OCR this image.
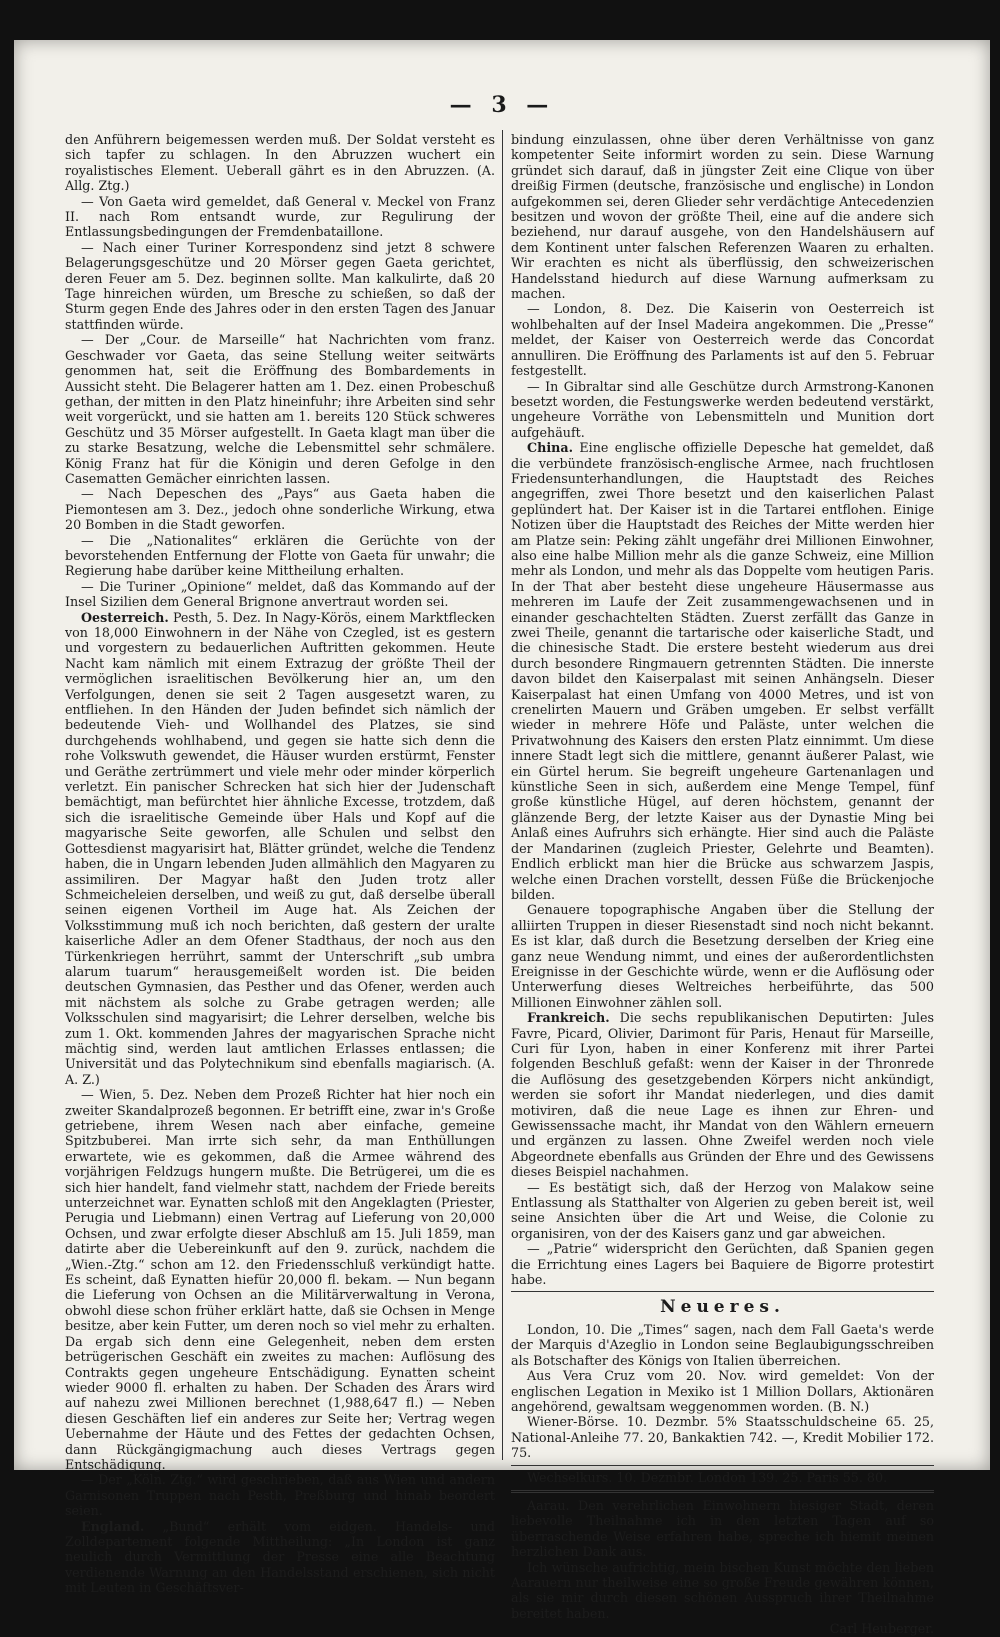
— 3 —

den Anführern beigemessen werden muß. Der Soldat versteht es sich tapfer zu schlagen. In den Abruzzen wuchert ein royalistisches Element. Ueberall gährt es in den Abruzzen. (A. Allg. Ztg.)

— Von Gaeta wird gemeldet, daß General v. Meckel von Franz II. nach Rom entsandt wurde, zur Regulirung der Entlassungsbedingungen der Fremdenbataillone.

— Nach einer Turiner Korrespondenz sind jetzt 8 schwere Belagerungsgeschütze und 20 Mörser gegen Gaeta gerichtet, deren Feuer am 5. Dez. beginnen sollte. Man kalkulirte, daß 20 Tage hinreichen würden, um Bresche zu schießen, so daß der Sturm gegen Ende des Jahres oder in den ersten Tagen des Januar stattfinden würde.

— Der „Cour. de Marseille“ hat Nachrichten vom franz. Geschwader vor Gaeta, das seine Stellung weiter seitwärts genommen hat, seit die Eröffnung des Bombardements in Aussicht steht. Die Belagerer hatten am 1. Dez. einen Probeschuß gethan, der mitten in den Platz hineinfuhr; ihre Arbeiten sind sehr weit vorgerückt, und sie hatten am 1. bereits 120 Stück schweres Geschütz und 35 Mörser aufgestellt. In Gaeta klagt man über die zu starke Besatzung, welche die Lebensmittel sehr schmälere. König Franz hat für die Königin und deren Gefolge in den Casematten Gemächer einrichten lassen.

— Nach Depeschen des „Pays“ aus Gaeta haben die Piemontesen am 3. Dez., jedoch ohne sonderliche Wirkung, etwa 20 Bomben in die Stadt geworfen.

— Die „Nationalites“ erklären die Gerüchte von der bevorstehenden Entfernung der Flotte von Gaeta für unwahr; die Regierung habe darüber keine Mittheilung erhalten.

— Die Turiner „Opinione“ meldet, daß das Kommando auf der Insel Sizilien dem General Brignone anvertraut worden sei.

Oesterreich. Pesth, 5. Dez. In Nagy-Körös, einem Marktflecken von 18,000 Einwohnern in der Nähe von Czegled, ist es gestern und vorgestern zu bedauerlichen Auftritten gekommen. Heute Nacht kam nämlich mit einem Extrazug der größte Theil der vermöglichen israelitischen Bevölkerung hier an, um den Verfolgungen, denen sie seit 2 Tagen ausgesetzt waren, zu entfliehen. In den Händen der Juden befindet sich nämlich der bedeutende Vieh- und Wollhandel des Platzes, sie sind durchgehends wohlhabend, und gegen sie hatte sich denn die rohe Volkswuth gewendet, die Häuser wurden erstürmt, Fenster und Geräthe zertrümmert und viele mehr oder minder körperlich verletzt. Ein panischer Schrecken hat sich hier der Judenschaft bemächtigt, man befürchtet hier ähnliche Excesse, trotzdem, daß sich die israelitische Gemeinde über Hals und Kopf auf die magyarische Seite geworfen, alle Schulen und selbst den Gottesdienst magyarisirt hat, Blätter gründet, welche die Tendenz haben, die in Ungarn lebenden Juden allmählich den Magyaren zu assimiliren. Der Magyar haßt den Juden trotz aller Schmeicheleien derselben, und weiß zu gut, daß derselbe überall seinen eigenen Vortheil im Auge hat. Als Zeichen der Volksstimmung muß ich noch berichten, daß gestern der uralte kaiserliche Adler an dem Ofener Stadthaus, der noch aus den Türkenkriegen herrührt, sammt der Unterschrift „sub umbra alarum tuarum“ herausgemeißelt worden ist. Die beiden deutschen Gymnasien, das Pesther und das Ofener, werden auch mit nächstem als solche zu Grabe getragen werden; alle Volksschulen sind magyarisirt; die Lehrer derselben, welche bis zum 1. Okt. kommenden Jahres der magyarischen Sprache nicht mächtig sind, werden laut amtlichen Erlasses entlassen; die Universität und das Polytechnikum sind ebenfalls magiarisch. (A. A. Z.)

— Wien, 5. Dez. Neben dem Prozeß Richter hat hier noch ein zweiter Skandalprozeß begonnen. Er betrifft eine, zwar in's Große getriebene, ihrem Wesen nach aber einfache, gemeine Spitzbuberei. Man irrte sich sehr, da man Enthüllungen erwartete, wie es gekommen, daß die Armee während des vorjährigen Feldzugs hungern mußte. Die Betrügerei, um die es sich hier handelt, fand vielmehr statt, nachdem der Friede bereits unterzeichnet war. Eynatten schloß mit den Angeklagten (Priester, Perugia und Liebmann) einen Vertrag auf Lieferung von 20,000 Ochsen, und zwar erfolgte dieser Abschluß am 15. Juli 1859, man datirte aber die Uebereinkunft auf den 9. zurück, nachdem die „Wien.-Ztg.“ schon am 12. den Friedensschluß verkündigt hatte. Es scheint, daß Eynatten hiefür 20,000 fl. bekam. — Nun begann die Lieferung von Ochsen an die Militärverwaltung in Verona, obwohl diese schon früher erklärt hatte, daß sie Ochsen in Menge besitze, aber kein Futter, um deren noch so viel mehr zu erhalten. Da ergab sich denn eine Gelegenheit, neben dem ersten betrügerischen Geschäft ein zweites zu machen: Auflösung des Contrakts gegen ungeheure Entschädigung. Eynatten scheint wieder 9000 fl. erhalten zu haben. Der Schaden des Ärars wird auf nahezu zwei Millionen berechnet (1,988,647 fl.) — Neben diesen Geschäften lief ein anderes zur Seite her; Vertrag wegen Uebernahme der Häute und des Fettes der gedachten Ochsen, dann Rückgängigmachung auch dieses Vertrags gegen Entschädigung.

— Der „Köln. Ztg.“ wird geschrieben, daß aus Wien und andern Garnisonen Truppen nach Pesth, Preßburg und hinab beordert seien.

England. „Bund“ erhält vom eidgen. Handels- und Zolldepartement folgende Mittheilung: „In London ist ganz neulich durch Vermittlung der Presse eine alle Beachtung verdienende Warnung an den Handelsstand erschienen, sich nicht mit Leuten in Geschäftsver-

bindung einzulassen, ohne über deren Verhältnisse von ganz kompetenter Seite informirt worden zu sein. Diese Warnung gründet sich darauf, daß in jüngster Zeit eine Clique von über dreißig Firmen (deutsche, französische und englische) in London aufgekommen sei, deren Glieder sehr verdächtige Antecedenzien besitzen und wovon der größte Theil, eine auf die andere sich beziehend, nur darauf ausgehe, von den Handelshäusern auf dem Kontinent unter falschen Referenzen Waaren zu erhalten. Wir erachten es nicht als überflüssig, den schweizerischen Handelsstand hiedurch auf diese Warnung aufmerksam zu machen.

— London, 8. Dez. Die Kaiserin von Oesterreich ist wohlbehalten auf der Insel Madeira angekommen. Die „Presse“ meldet, der Kaiser von Oesterreich werde das Concordat annulliren. Die Eröffnung des Parlaments ist auf den 5. Februar festgestellt.

— In Gibraltar sind alle Geschütze durch Armstrong-Kanonen besetzt worden, die Festungswerke werden bedeutend verstärkt, ungeheure Vorräthe von Lebensmitteln und Munition dort aufgehäuft.

China. Eine englische offizielle Depesche hat gemeldet, daß die verbündete französisch-englische Armee, nach fruchtlosen Friedensunterhandlungen, die Hauptstadt des Reiches angegriffen, zwei Thore besetzt und den kaiserlichen Palast geplündert hat. Der Kaiser ist in die Tartarei entflohen. Einige Notizen über die Hauptstadt des Reiches der Mitte werden hier am Platze sein: Peking zählt ungefähr drei Millionen Einwohner, also eine halbe Million mehr als die ganze Schweiz, eine Million mehr als London, und mehr als das Doppelte vom heutigen Paris. In der That aber besteht diese ungeheure Häusermasse aus mehreren im Laufe der Zeit zusammengewachsenen und in einander geschachtelten Städten. Zuerst zerfällt das Ganze in zwei Theile, genannt die tartarische oder kaiserliche Stadt, und die chinesische Stadt. Die erstere besteht wiederum aus drei durch besondere Ringmauern getrennten Städten. Die innerste davon bildet den Kaiserpalast mit seinen Anhängseln. Dieser Kaiserpalast hat einen Umfang von 4000 Metres, und ist von crenelirten Mauern und Gräben umgeben. Er selbst verfällt wieder in mehrere Höfe und Paläste, unter welchen die Privatwohnung des Kaisers den ersten Platz einnimmt. Um diese innere Stadt legt sich die mittlere, genannt äußerer Palast, wie ein Gürtel herum. Sie begreift ungeheure Gartenanlagen und künstliche Seen in sich, außerdem eine Menge Tempel, fünf große künstliche Hügel, auf deren höchstem, genannt der glänzende Berg, der letzte Kaiser aus der Dynastie Ming bei Anlaß eines Aufruhrs sich erhängte. Hier sind auch die Paläste der Mandarinen (zugleich Priester, Gelehrte und Beamten). Endlich erblickt man hier die Brücke aus schwarzem Jaspis, welche einen Drachen vorstellt, dessen Füße die Brückenjoche bilden.

Genauere topographische Angaben über die Stellung der alliirten Truppen in dieser Riesenstadt sind noch nicht bekannt. Es ist klar, daß durch die Besetzung derselben der Krieg eine ganz neue Wendung nimmt, und eines der außerordentlichsten Ereignisse in der Geschichte würde, wenn er die Auflösung oder Unterwerfung dieses Weltreiches herbeiführte, das 500 Millionen Einwohner zählen soll.

Frankreich. Die sechs republikanischen Deputirten: Jules Favre, Picard, Olivier, Darimont für Paris, Henaut für Marseille, Curi für Lyon, haben in einer Konferenz mit ihrer Partei folgenden Beschluß gefaßt: wenn der Kaiser in der Thronrede die Auflösung des gesetzgebenden Körpers nicht ankündigt, werden sie sofort ihr Mandat niederlegen, und dies damit motiviren, daß die neue Lage es ihnen zur Ehren- und Gewissenssache macht, ihr Mandat von den Wählern erneuern und ergänzen zu lassen. Ohne Zweifel werden noch viele Abgeordnete ebenfalls aus Gründen der Ehre und des Gewissens dieses Beispiel nachahmen.

— Es bestätigt sich, daß der Herzog von Malakow seine Entlassung als Statthalter von Algerien zu geben bereit ist, weil seine Ansichten über die Art und Weise, die Colonie zu organisiren, von der des Kaisers ganz und gar abweichen.

— „Patrie“ widerspricht den Gerüchten, daß Spanien gegen die Errichtung eines Lagers bei Baquiere de Bigorre protestirt habe.

Neueres.

London, 10. Die „Times“ sagen, nach dem Fall Gaeta's werde der Marquis d'Azeglio in London seine Beglaubigungsschreiben als Botschafter des Königs von Italien überreichen.

Aus Vera Cruz vom 20. Nov. wird gemeldet: Von der englischen Legation in Mexiko ist 1 Million Dollars, Aktionären angehörend, gewaltsam weggenommen worden. (B. N.)

Wiener-Börse. 10. Dezmbr. 5% Staatsschuldscheine 65. 25, National-Anleihe 77. 20, Bankaktien 742. —, Kredit Mobilier 172. 75.

Wechselkurs. 10. Dezmbr. London 139. 25. Paris 55. 80.

Aarau. Den verehrlichen Einwohnern hiesiger Stadt, deren liebevolle Theilnahme ich in den letzten Tagen auf so überraschende Weise erfahren habe, spreche ich hiemit meinen herzlichen Dank aus.

Ich wünsche aufrichtig, mein bischen Kunst möchte den lieben Aarauern nur theilweise eine so große Freude gewähren können, als sie mir durch diesen schönen Ausspruch ihrer Theilnahme bereitet haben.

Carl Heuberger.
